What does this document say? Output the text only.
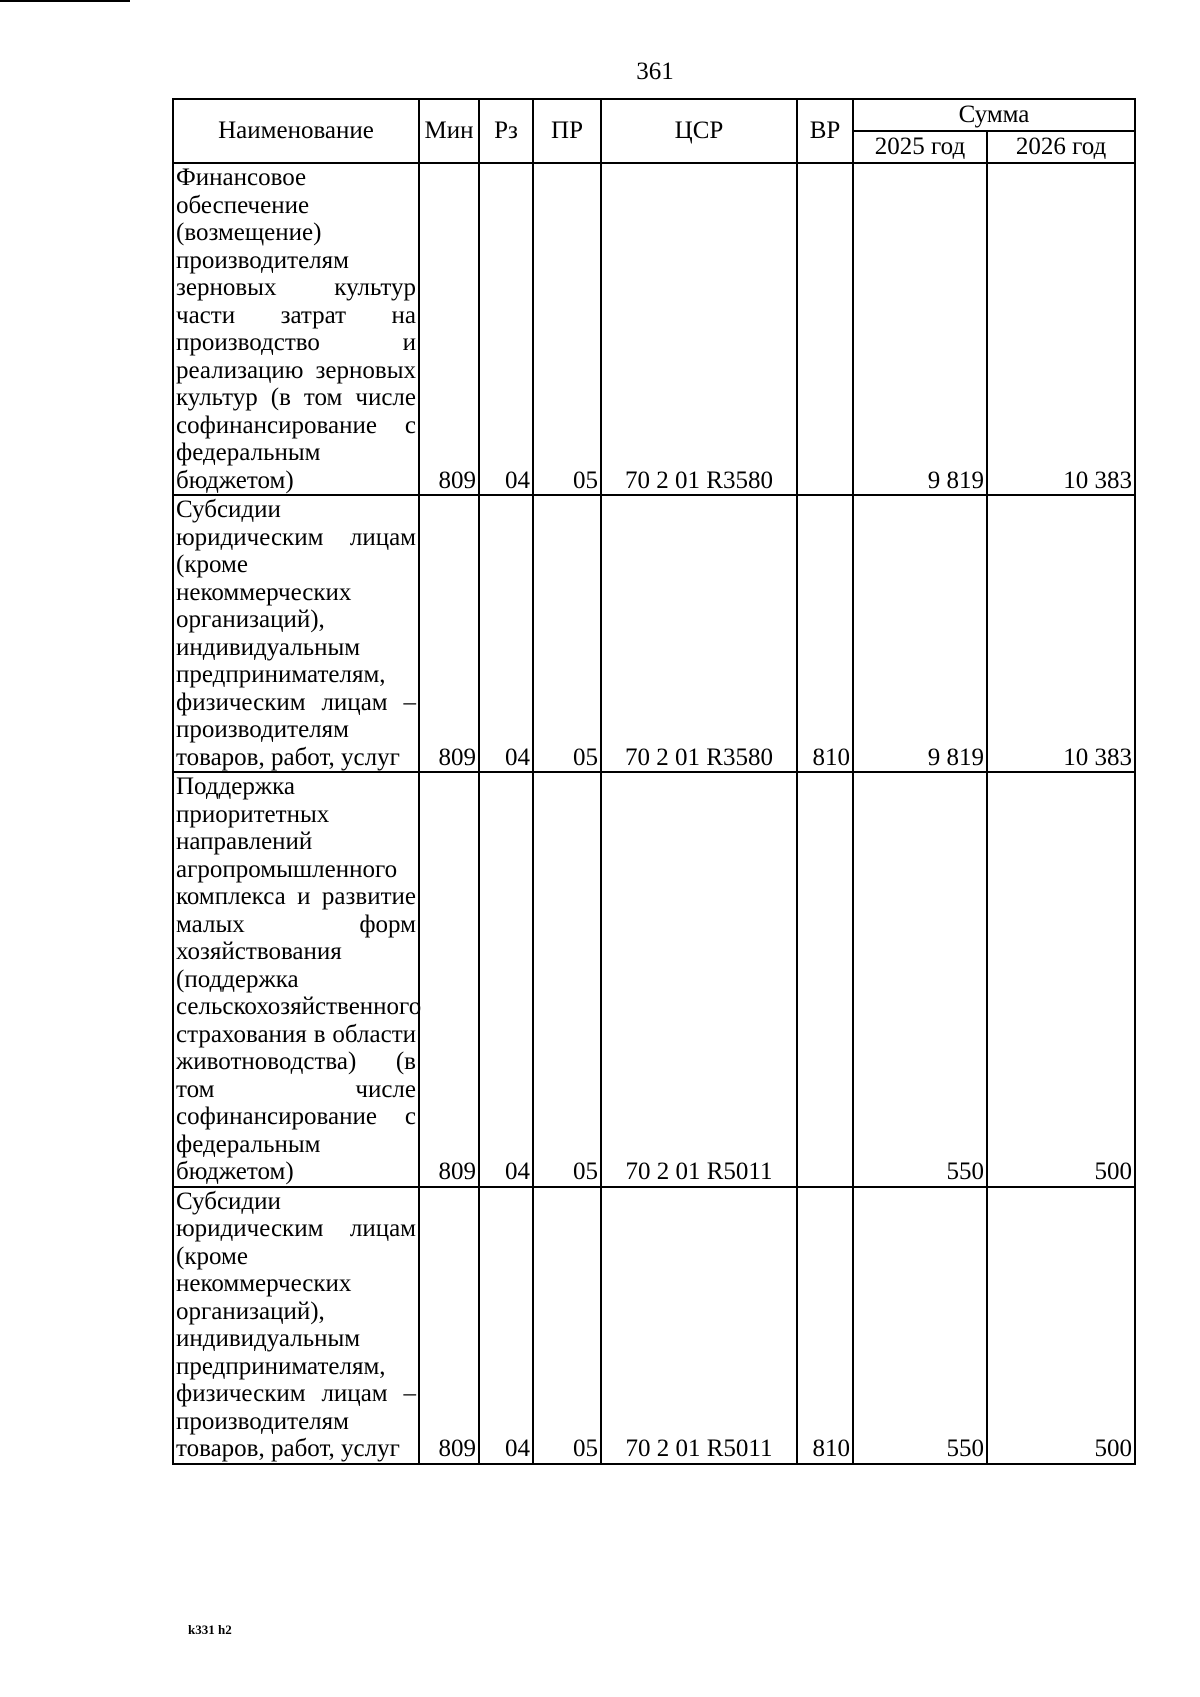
361
Наименование	Мин	Рз	ПР	ЦСР	ВР	Сумма	
						2025 год	2026 год
Финансовое обеспечение (возмещение) производителям зерновых культур части затрат на производство и реализацию зерновых культур (в том числе софинансирование с федеральным бюджетом)	809	04	05	70 2 01 R3580		9 819	10 383
Субсидии юридическим лицам (кроме некоммерческих организаций), индивидуальным предпринимателям, физическим лицам – производителям товаров, работ, услуг	809	04	05	70 2 01 R3580	810	9 819	10 383
Поддержка приоритетных направлений агропромышленного комплекса и развитие малых форм хозяйствования (поддержка сельскохозяйственного страхования в области животноводства) (в том числе софинансирование с федеральным бюджетом)	809	04	05	70 2 01 R5011		550	500
Субсидии юридическим лицам (кроме некоммерческих организаций), индивидуальным предпринимателям, физическим лицам – производителям товаров, работ, услуг	809	04	05	70 2 01 R5011	810	550	500
k331 h2
